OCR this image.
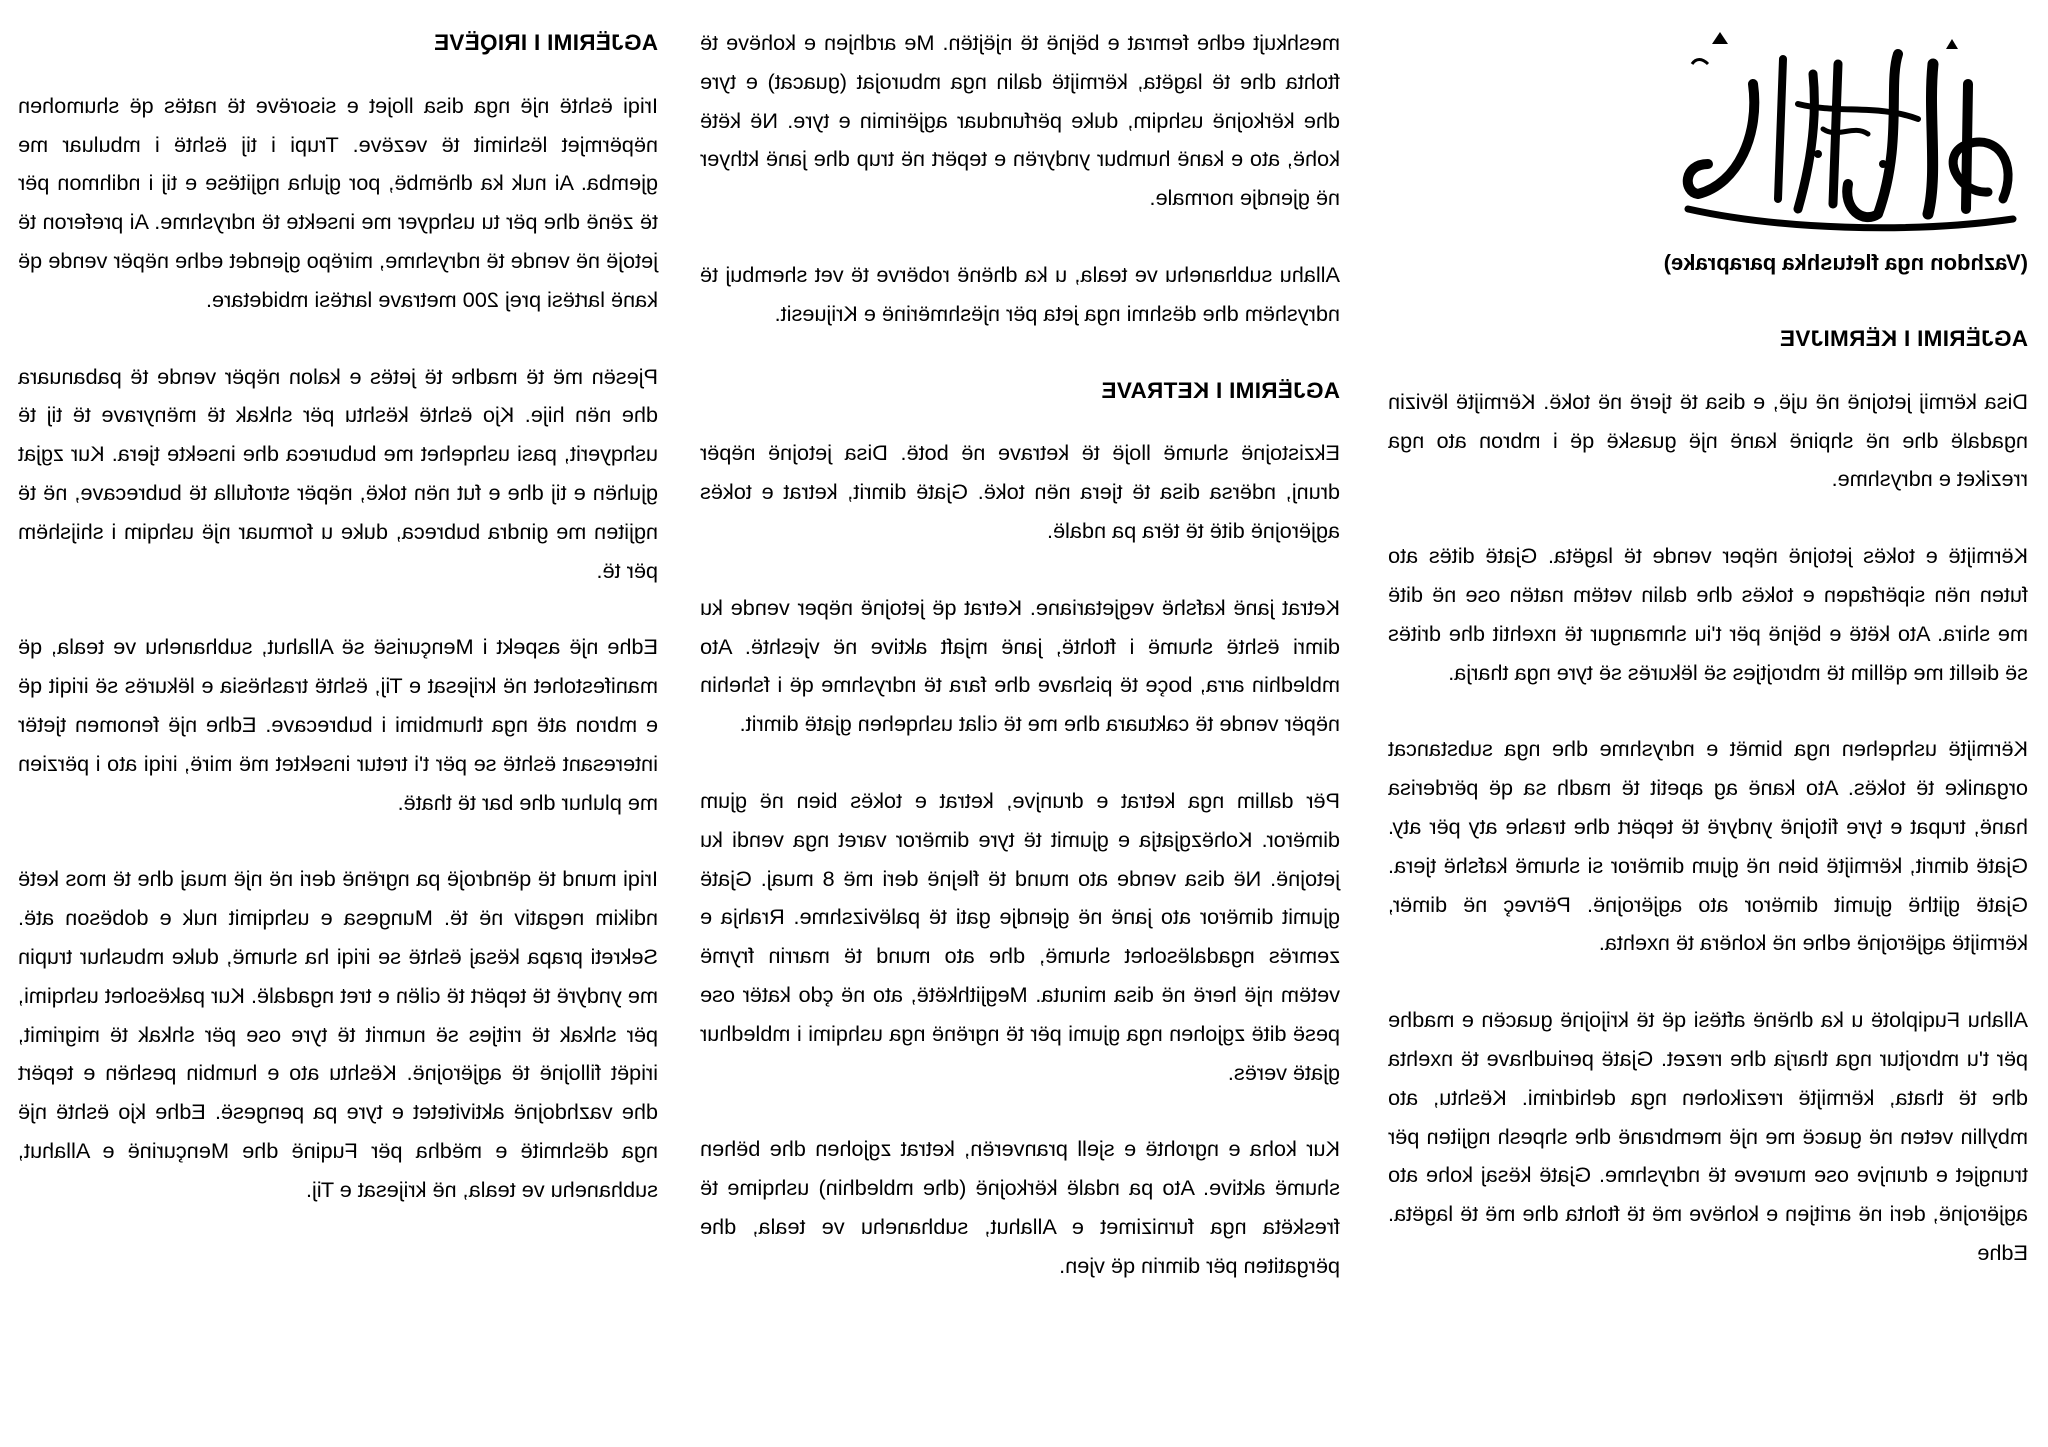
(Vazhdon nga fletushka paraprake)
AGJËRIMI I KËRMIJVE

Disa kërmij jetojnë në ujë, e disa të tjerë në tokë. Kërmijtë lëvizin ngadalë dhe në shpinë kanë një guaskë që i mbron ato nga rreziket e ndryshme.

Kërmijtë e tokës jetojnë nëper vende të lagëta. Gjatë ditës ato futen nën sipërfaqen e tokës dhe dalin vetëm natën ose në ditë me shira. Ato këtë e bëjnë për t'iu shmangur të nxehtit dhe dritës së diellit me qëllim të mbrojtjes së lëkurës së tyre nga tharja.

Kërmijtë ushqehen nga bimët e ndryshme dhe nga substancat organike të tokës. Ato kanë ag apetit të madh sa që përderisa hanë, trupat e tyre fitojnë yndyrë të tepërt dhe trashe aty për aty. Gjatë dimrit, kërmijtë bien në gjum dimëror si shumë kafshë tjera. Gjatë gjithë gjumit dimëror ato agjërojnë. Përveç në dimër, kërmijtë agjërojnë edhe në kohëra të nxehta.

Allahu Fuqiplotë u ka dhënë aftësi që të krijojnë guacën e madhe për t'u mbrojtur nga tharja dhe rrezet. Gjatë periudhave të nxehta dhe të thata, kërmijtë rrezikohen nga dehidrimi. Kështu, ato mbyllin veten në guacë me një membranë dhe shpesh ngjiten për trungjet e drunjve ose mureve të ndryshme. Gjatë kësaj kohe ato agjërojnë, deri në arritjen e kohëve më të ftohta dhe më të lagëta. Edhe

meshkujt edhe femrat e bëjnë të njëjtën. Me ardhjen e kohëve të ftohta dhe të lagëta, kërmijtë dalin nga mburojat (guacat) e tyre dhe kërkojnë ushqim, duke përfunduar agjërimin e tyre. Në këtë kohë, ato e kanë humbur yndyrën e tepërt në trup dhe janë kthyer në gjendje normale.

Allahu subhanehu ve teala, u ka dhënë robërve të vet shembuj të ndryshëm dhe dëshmi nga jeta për njëshmërinë e Krijuesit.

AGJËRIMI I KETRAVE

Ekzistojnë shumë llojë të ketrave në botë. Disa jetojnë nëpër drunj, ndërsa disa të tjera nën tokë. Gjatë dimrit, ketrat e tokës agjërojnë ditë të tëra pa ndalë.

Ketrat janë kafshë vegjetariane. Ketrat që jetojnë nëper vende ku dimri është shumë i ftohtë, janë mjaft aktive në vjeshtë. Ato mbledhin arra, boçe të pishave dhe fara të ndryshme që i fshehin nëpër vende të caktuara dhe me të cilat ushqehen gjatë dimrit.

Për dallim nga ketrat e drunjve, ketrat e tokës bien në gjum dimëror. Kohëzgjatja e gjumit të tyre dimëror varet nga vendi ku jetojnë. Në disa vende ato mund të flejnë deri më 8 muaj. Gjatë gjumit dimëror ato janë në gjendje gati të palëvizshme. Rrahja e zemrës ngadalësohet shumë, dhe ato mund të marrin frymë vetëm një herë në disa minuta. Megjithkëtë, ato në çdo katër ose pesë ditë zgjohen nga gjumi për të ngrënë nga ushqimi i mbledhur gjatë verës.

Kur koha e ngrohtë e sjell pranverën, ketrat zgjohen dhe bëhen shumë aktive. Ato pa ndalë kërkojnë (dhe mbledhin) ushqime të freskëta nga furnizimet e Allahut, subhanehu ve teala, dhe përgatiten për dimrin që vjen.

AGJËRIMI I IRIQËVE

Iriqi është një nga disa llojet e sisorëve të natës që shumohen nëpërmjet lëshimit të vezëve. Trupi i tij është i mbuluar me gjemba. Ai nuk ka dhëmbë, por gjuha ngjitëse e tij i ndihmon për të zënë dhe për tu ushqyer me insekte të ndryshme. Ai preferon të jetojë në vende të ndryshme, mirëpo gjendet edhe nëpër vende që kanë lartësi prej 200 metrave lartësi mbidetare.

Pjesën më të madhe të jetës e kalon nëpër vende të pabanuara dhe nën hije. Kjo është kështu për shkak të mënyrave të tij të ushqyerit, pasi ushqehet me bubureca dhe insekte tjera. Kur zgjat gjuhën e tij dhe e fut nën tokë, nëpër strofulla të bubrecave, në të ngjiten me gindra bubreca, duke u formuar një ushqim i shijshëm për të.

Edhe një aspekt i Mençurisë së Allahut, subhanehu ve teala, që manifestohet në krijesat e Tij, është trashësia e lëkurës së iriqit që e mbron atë nga thumbimi i bubrecave. Edhe një fenomen tjetër interesant është se për t'i tretur insektet më mirë, iriqi ato i përzien me pluhur dhe bar të thatë.

Iriqi mund të qëndrojë pa ngrënë deri në një muaj dhe të mos ketë ndikim negativ në të. Mungesa e ushqimit nuk e dobëson atë. Sekreti prapa kësaj është se iriqi ha shumë, duke mbushur trupin me yndyrë të tepërt të cilën e tret ngadalë. Kur pakësohet ushqimi, për shkak të rritjes së numrit të tyre ose për shkak të migrimit, iriqët fillojnë të agjërojnë. Kështu ato e humbin peshën e tepërt dhe vazhdojnë aktivitetet e tyre pa pengesë. Edhe kjo është një nga dëshmitë e mëdha për Fuqinë dhe Mençurinë e Allahut, subhanehu ve teala, në krijesat e Tij.
